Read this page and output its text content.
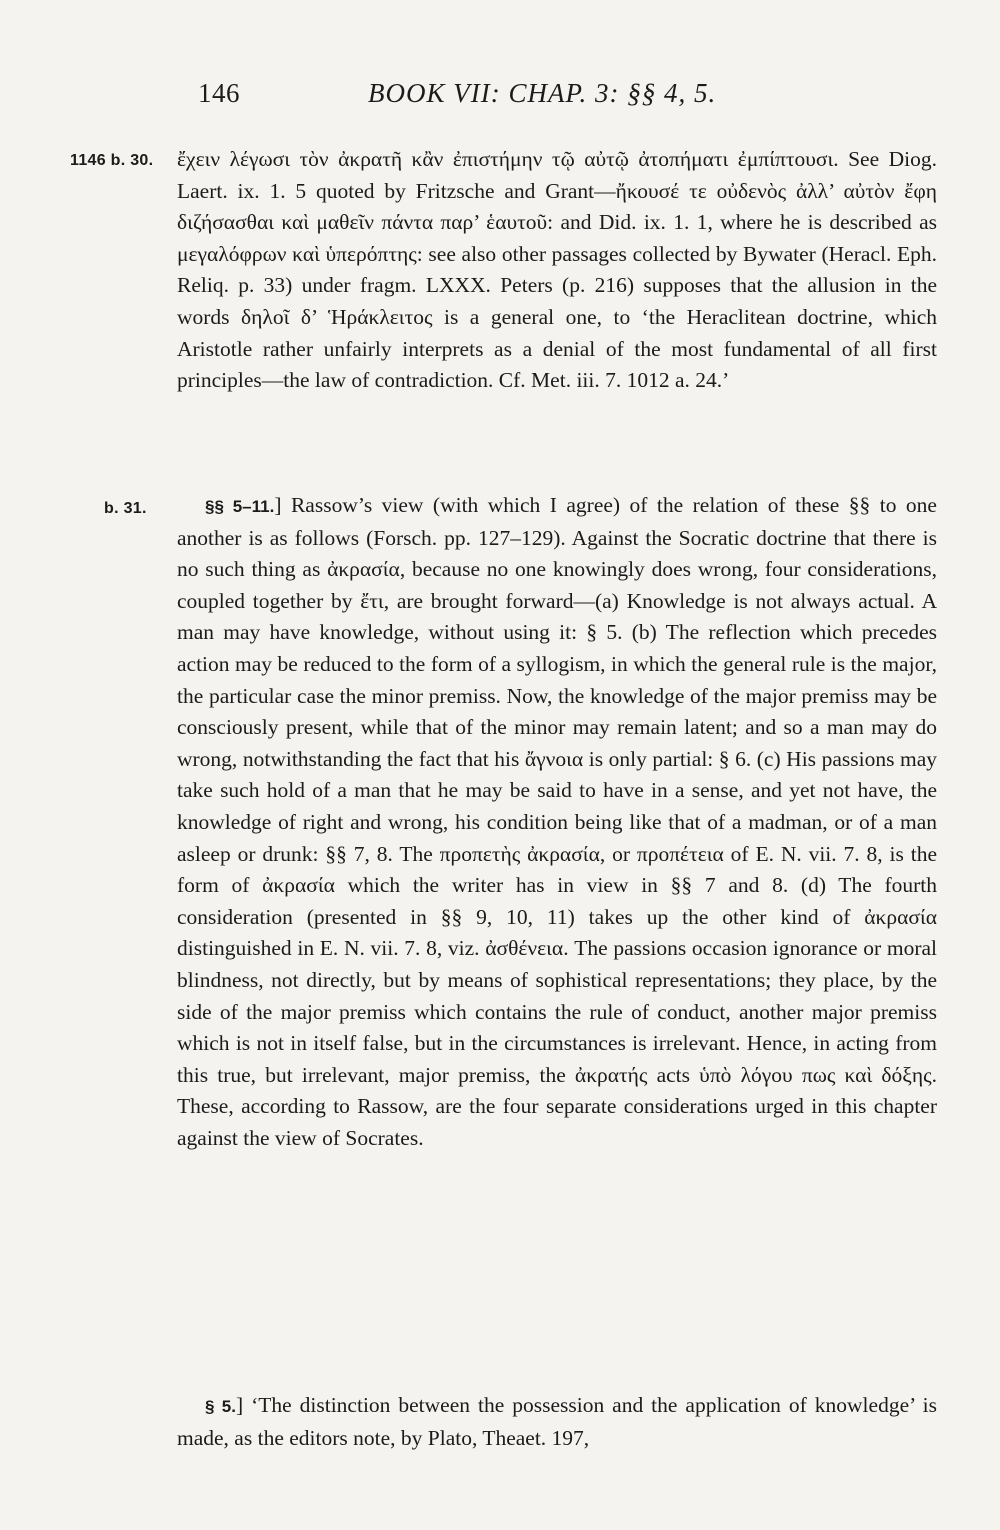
146	BOOK VII: CHAP. 3: §§ 4, 5.
1146 b. 30. ἔχειν λέγωσι τὸν ἀκρατῆ κἂν ἐπιστήμην τῷ αὐτῷ ἀτοπήματι ἐμπίπτουσι. See Diog. Laert. ix. 1. 5 quoted by Fritzsche and Grant—ἤκουσέ τε οὐδενὸς ἀλλ’ αὐτὸν ἔφη διζήσασθαι καὶ μαθεῖν πάντα παρ’ ἑαυτοῦ: and Did. ix. 1. 1, where he is described as μεγαλόφρων καὶ ὑπερόπτης: see also other passages collected by Bywater (Heracl. Eph. Reliq. p. 33) under fragm. LXXX. Peters (p. 216) supposes that the allusion in the words δηλοῖ δ’ Ἡράκλειτος is a general one, to ‘the Heraclitean doctrine, which Aristotle rather unfairly interprets as a denial of the most fundamental of all first principles—the law of contradiction. Cf. Met. iii. 7. 1012 a. 24.’

b. 31.	§§ 5–11.] Rassow’s view (with which I agree) of the relation of these §§ to one another is as follows (Forsch. pp. 127–129). Against the Socratic doctrine that there is no such thing as ἀκρασία, because no one knowingly does wrong, four considerations, coupled together by ἔτι, are brought forward—(a) Knowledge is not always actual. A man may have knowledge, without using it: § 5. (b) The reflection which precedes action may be reduced to the form of a syllogism, in which the general rule is the major, the particular case the minor premiss. Now, the knowledge of the major premiss may be consciously present, while that of the minor may remain latent; and so a man may do wrong, notwithstanding the fact that his ἄγνοια is only partial: § 6. (c) His passions may take such hold of a man that he may be said to have in a sense, and yet not have, the knowledge of right and wrong, his condition being like that of a madman, or of a man asleep or drunk: §§ 7, 8. The προπετὴς ἀκρασία, or προπέτεια of E. N. vii. 7. 8, is the form of ἀκρασία which the writer has in view in §§ 7 and 8. (d) The fourth consideration (presented in §§ 9, 10, 11) takes up the other kind of ἀκρασία distinguished in E. N. vii. 7. 8, viz. ἀσθένεια. The passions occasion ignorance or moral blindness, not directly, but by means of sophistical representations; they place, by the side of the major premiss which contains the rule of conduct, another major premiss which is not in itself false, but in the circumstances is irrelevant. Hence, in acting from this true, but irrelevant, major premiss, the ἀκρατής acts ὑπὸ λόγου πως καὶ δόξης. These, according to Rassow, are the four separate considerations urged in this chapter against the view of Socrates.

§ 5.] ‘The distinction between the possession and the application of knowledge’ is made, as the editors note, by Plato, Theaet. 197,
